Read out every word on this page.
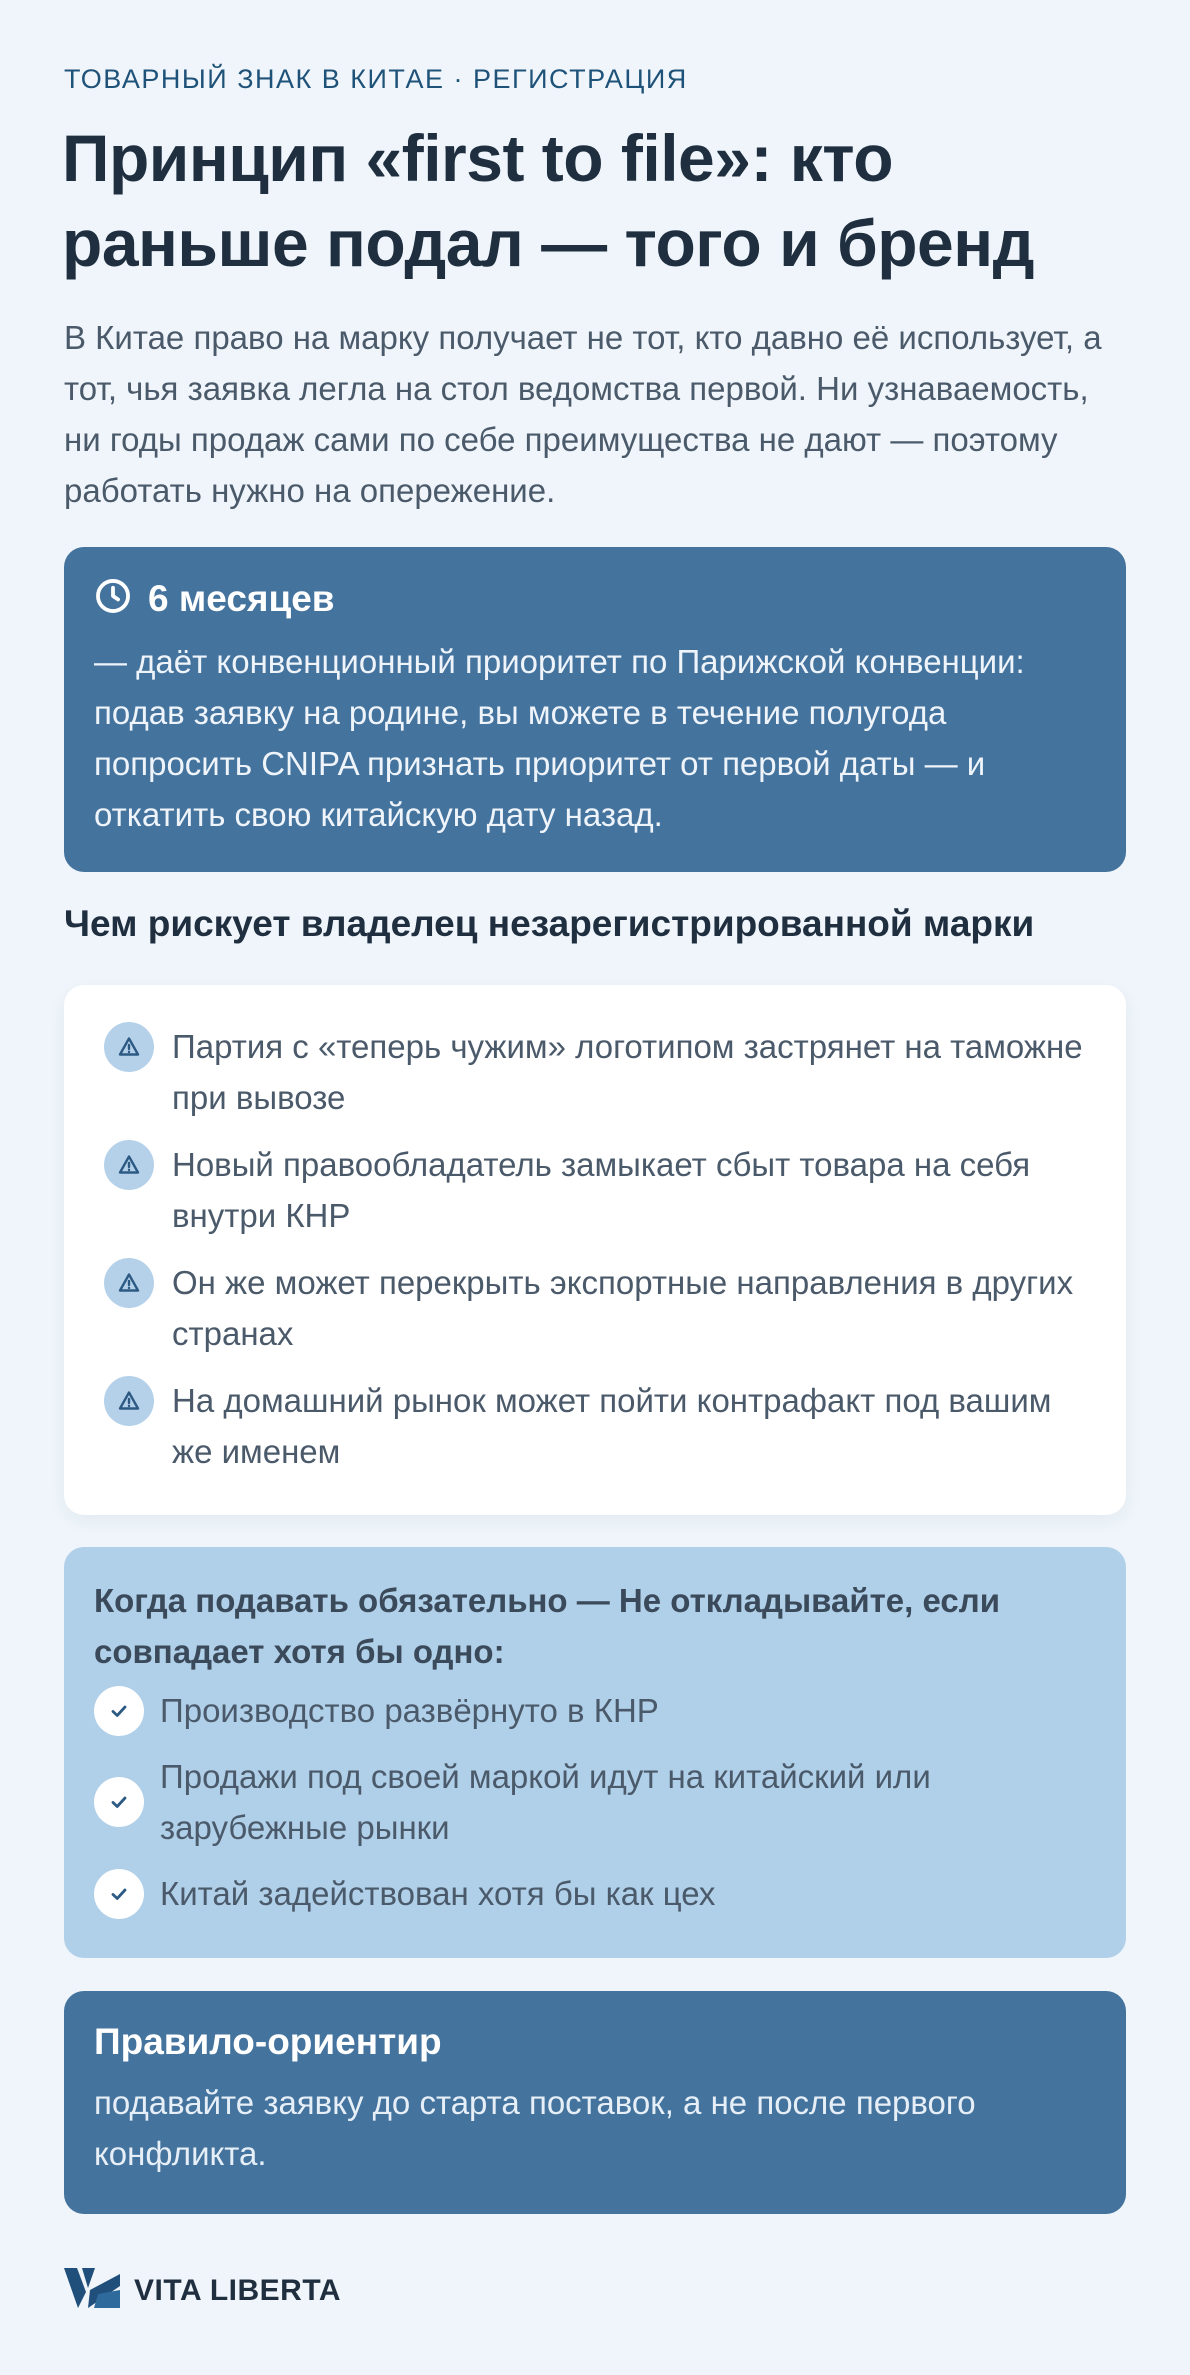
ТОВАРНЫЙ ЗНАК В КИТАЕ · РЕГИСТРАЦИЯ
Принцип «first to file»: кто раньше подал — того и бренд
В Китае право на марку получает не тот, кто давно её использует, а тот, чья заявка легла на стол ведомства первой. Ни узнаваемость, ни годы продаж сами по себе преимущества не дают — поэтому работать нужно на опережение.
6 месяцев
— даёт конвенционный приоритет по Парижской конвенции: подав заявку на родине, вы можете в течение полугода попросить CNIPA признать приоритет от первой даты — и откатить свою китайскую дату назад.
Чем рискует владелец незарегистрированной марки
Партия с «теперь чужим» логотипом застрянет на таможне при вывозе
Новый правообладатель замыкает сбыт товара на себя внутри КНР
Он же может перекрыть экспортные направления в других странах
На домашний рынок может пойти контрафакт под вашим же именем
Когда подавать обязательно — Не откладывайте, если совпадает хотя бы одно:
Производство развёрнуто в КНР
Продажи под своей маркой идут на китайский или зарубежные рынки
Китай задействован хотя бы как цех
Правило-ориентир
подавайте заявку до старта поставок, а не после первого конфликта.
VITA LIBERTA
